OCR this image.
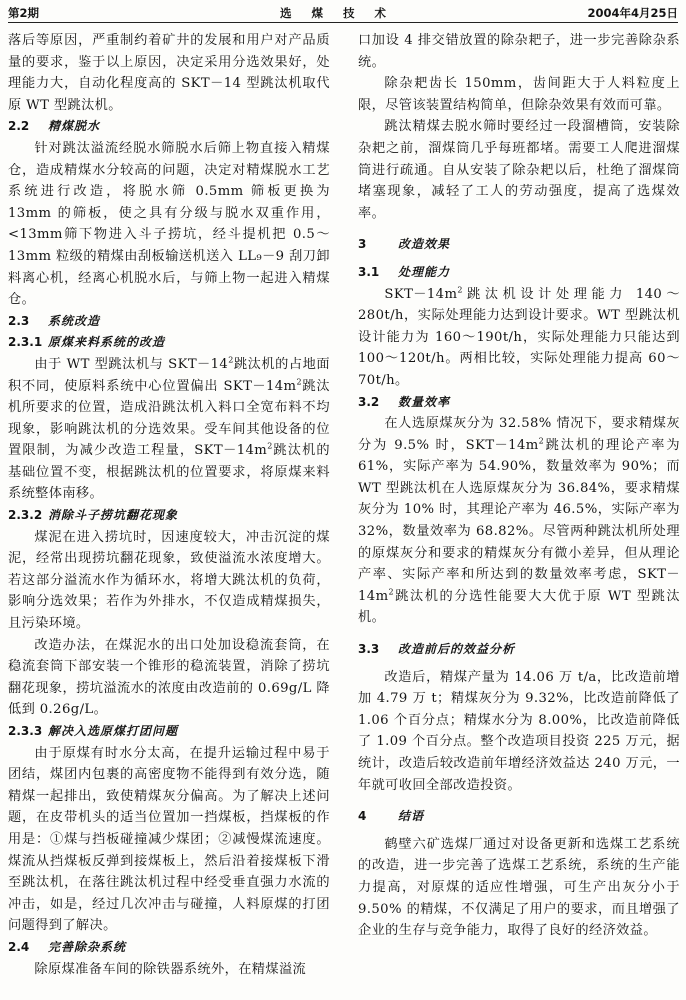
第2期	选煤技术	2004年4月25日

落后等原因，严重制约着矿井的发展和用户对产品质量的要求，鉴于以上原因，决定采用分选效果好，处理能力大，自动化程度高的 SKT－14 型跳汰机取代原 WT 型跳汰机。

2.2 精煤脱水

针对跳汰溢流经脱水筛脱水后筛上物直接入精煤仓，造成精煤水分较高的问题，决定对精煤脱水工艺系统进行改造，将脱水筛 0.5mm 筛板更换为 13mm 的筛板，使之具有分级与脱水双重作用，<13mm筛下物进入斗子捞坑，经斗提机把 0.5～13mm 粒级的精煤由刮板输送机送入 LL₉－9 刮刀卸料离心机，经离心机脱水后，与筛上物一起进入精煤仓。

2.3 系统改造
2.3.1 原煤来料系统的改造

由于 WT 型跳汰机与 $SKT-14^2$跳汰机的占地面积不同，使原料系统中心位置偏出 $SKT-14m^2$跳汰机所要求的位置，造成沿跳汰机入料口全宽布料不均现象，影响跳汰机的分选效果。受车间其他设备的位置限制，为减少改造工程量，$SKT-14m^2$跳汰机的基础位置不变，根据跳汰机的位置要求，将原煤来料系统整体南移。

2.3.2 消除斗子捞坑翻花现象

煤泥在进入捞坑时，因速度较大，冲击沉淀的煤泥，经常出现捞坑翻花现象，致使溢流水浓度增大。若这部分溢流水作为循环水，将增大跳汰机的负荷，影响分选效果；若作为外排水，不仅造成精煤损失，且污染环境。

改造办法，在煤泥水的出口处加设稳流套筒，在稳流套筒下部安装一个锥形的稳流装置，消除了捞坑翻花现象，捞坑溢流水的浓度由改造前的 0.69g/L 降低到 0.26g/L。

2.3.3 解决入选原煤打团问题

由于原煤有时水分太高，在提升运输过程中易于团结，煤团内包裹的高密度物不能得到有效分选，随精煤一起排出，致使精煤灰分偏高。为了解决上述问题，在皮带机头的适当位置加一挡煤板，挡煤板的作用是：①煤与挡板碰撞减少煤团；②减慢煤流速度。煤流从挡煤板反弹到接煤板上，然后沿着接煤板下滑至跳汰机，在落往跳汰机过程中经受垂直强力水流的冲击，如是，经过几次冲击与碰撞，人料原煤的打团问题得到了解决。

2.4 完善除杂系统

除原煤准备车间的除铁器系统外，在精煤溢流

口加设 4 排交错放置的除杂耙子，进一步完善除杂系统。

除杂耙齿长 150mm，齿间距大于人料粒度上限，尽管该装置结构简单，但除杂效果有效而可靠。

跳汰精煤去脱水筛时要经过一段溜槽筒，安装除杂耙之前，溜煤筒几乎每班都堵。需要工人爬进溜煤筒进行疏通。自从安装了除杂耙以后，杜绝了溜煤筒堵塞现象，减轻了工人的劳动强度，提高了选煤效率。

3	改造效果
3.1 处理能力

$SKT-14m^2$跳汰机设计处理能力 140～280t/h，实际处理能力达到设计要求。WT 型跳汰机设计能力为 160～190t/h，实际处理能力只能达到 100～120t/h。两相比较，实际处理能力提高 60～70t/h。

3.2 数量效率

在人选原煤灰分为 32.58% 情况下，要求精煤灰分为 9.5% 时，$SKT-14m^2$跳汰机的理论产率为 61%，实际产率为 54.90%，数量效率为 90%；而 WT 型跳汰机在人选原煤灰分为 36.84%，要求精煤灰分为 10% 时，其理论产率为 46.5%，实际产率为 32%，数量效率为 68.82%。尽管两种跳汰机所处理的原煤灰分和要求的精煤灰分有微小差异，但从理论产率、实际产率和所达到的数量效率考虑，$SKT-14m^2$跳汰机的分选性能要大大优于原 WT 型跳汰机。

3.3 改造前后的效益分析

改造后，精煤产量为 14.06 万 t/a，比改造前增加 4.79 万 t；精煤灰分为 9.32%，比改造前降低了 1.06 个百分点；精煤水分为 8.00%，比改造前降低了 1.09 个百分点。整个改造项目投资 225 万元，据统计，改造后较改造前年增经济效益达 240 万元，一年就可收回全部改造投资。

4	结语

鹤壁六矿选煤厂通过对设备更新和选煤工艺系统的改造，进一步完善了选煤工艺系统，系统的生产能力提高，对原煤的适应性增强，可生产出灰分小于 9.50% 的精煤，不仅满足了用户的要求，而且增强了企业的生存与竞争能力，取得了良好的经济效益。
